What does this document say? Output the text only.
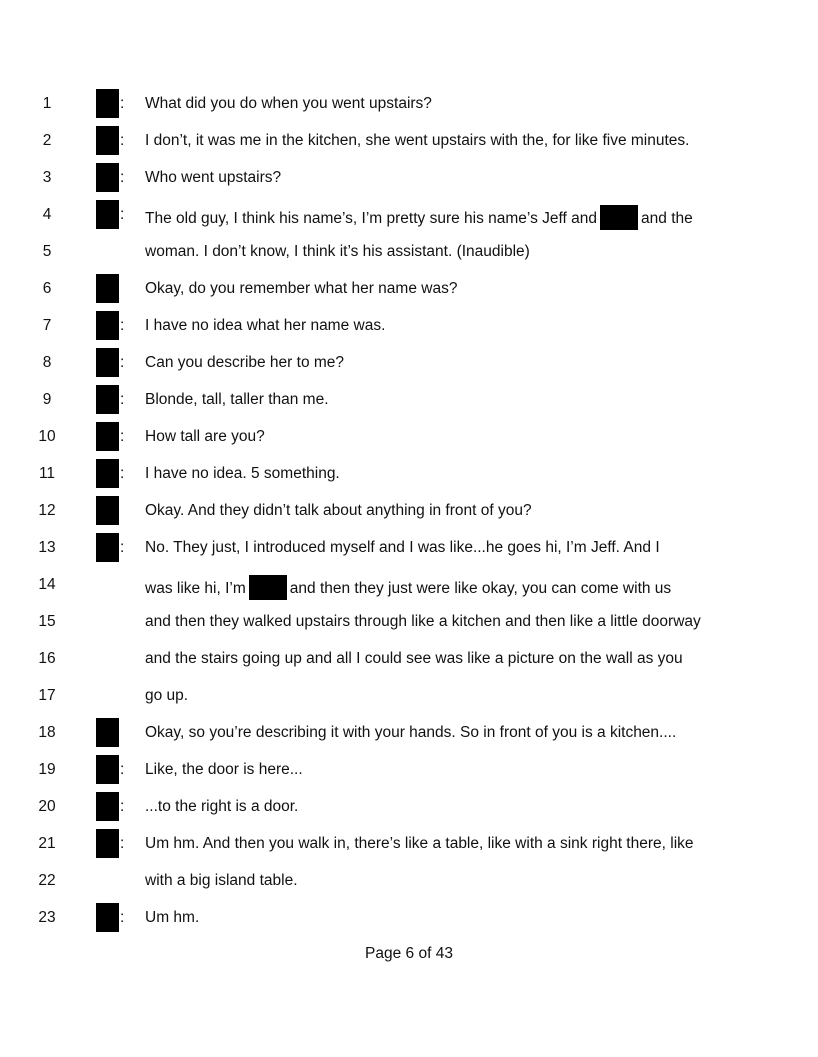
1	: What did you do when you went upstairs?
2	: I don’t, it was me in the kitchen, she went upstairs with the, for like five minutes.
3	: Who went upstairs?
4	: The old guy, I think his name’s, I’m pretty sure his name’s Jeff and	and the
5	woman. I don’t know, I think it’s his assistant. (Inaudible)
6	Okay, do you remember what her name was?
7	: I have no idea what her name was.
8	: Can you describe her to me?
9	: Blonde, tall, taller than me.
10	: How tall are you?
11	: I have no idea. 5 something.
12	Okay. And they didn’t talk about anything in front of you?
13	: No. They just, I introduced myself and I was like...he goes hi, I’m Jeff. And I
14	was like hi, I’m	and then they just were like okay, you can come with us
15	and then they walked upstairs through like a kitchen and then like a little doorway
16	and the stairs going up and all I could see was like a picture on the wall as you
17	go up.
18	Okay, so you’re describing it with your hands. So in front of you is a kitchen....
19	: Like, the door is here...
20	: ...to the right is a door.
21	: Um hm. And then you walk in, there’s like a table, like with a sink right there, like
22	with a big island table.
23	: Um hm.
Page 6 of 43
